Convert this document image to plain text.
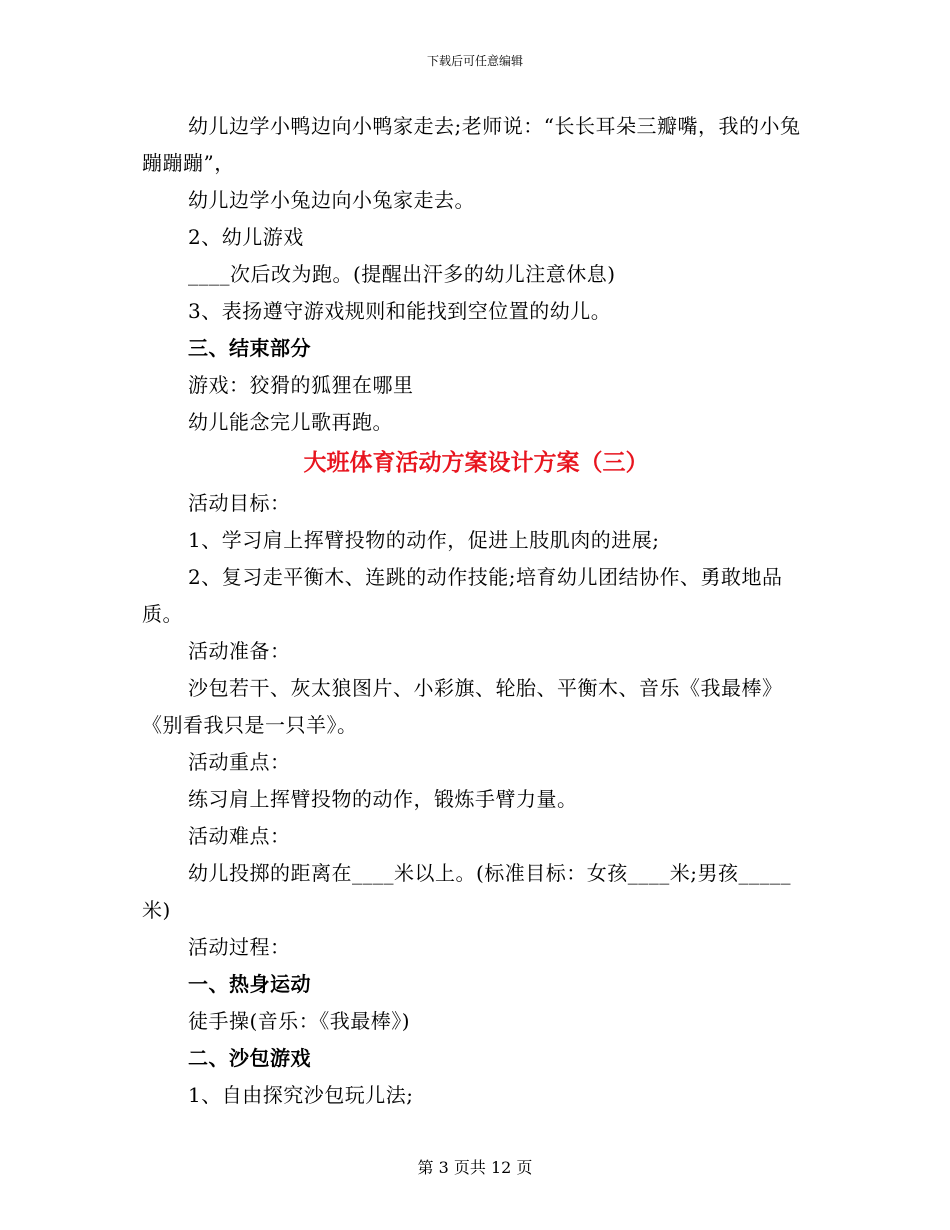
下载后可任意编辑

幼儿边学小鸭边向小鸭家走去;老师说：“长长耳朵三瓣嘴，我的小兔蹦蹦蹦”，

幼儿边学小兔边向小兔家走去。

2、幼儿游戏

____次后改为跑。(提醒出汗多的幼儿注意休息)

3、表扬遵守游戏规则和能找到空位置的幼儿。

三、结束部分

游戏：狡猾的狐狸在哪里

幼儿能念完儿歌再跑。

大班体育活动方案设计方案（三）

活动目标：

1、学习肩上挥臂投物的动作，促进上肢肌肉的进展;

2、复习走平衡木、连跳的动作技能;培育幼儿团结协作、勇敢地品质。

活动准备：

沙包若干、灰太狼图片、小彩旗、轮胎、平衡木、音乐《我最棒》《别看我只是一只羊》。

活动重点：

练习肩上挥臂投物的动作，锻炼手臂力量。

活动难点：

幼儿投掷的距离在____米以上。(标准目标：女孩____米;男孩_____米)

活动过程：

一、热身运动

徒手操(音乐：《我最棒》)

二、沙包游戏

1、自由探究沙包玩儿法;

第 3 页共 12 页
